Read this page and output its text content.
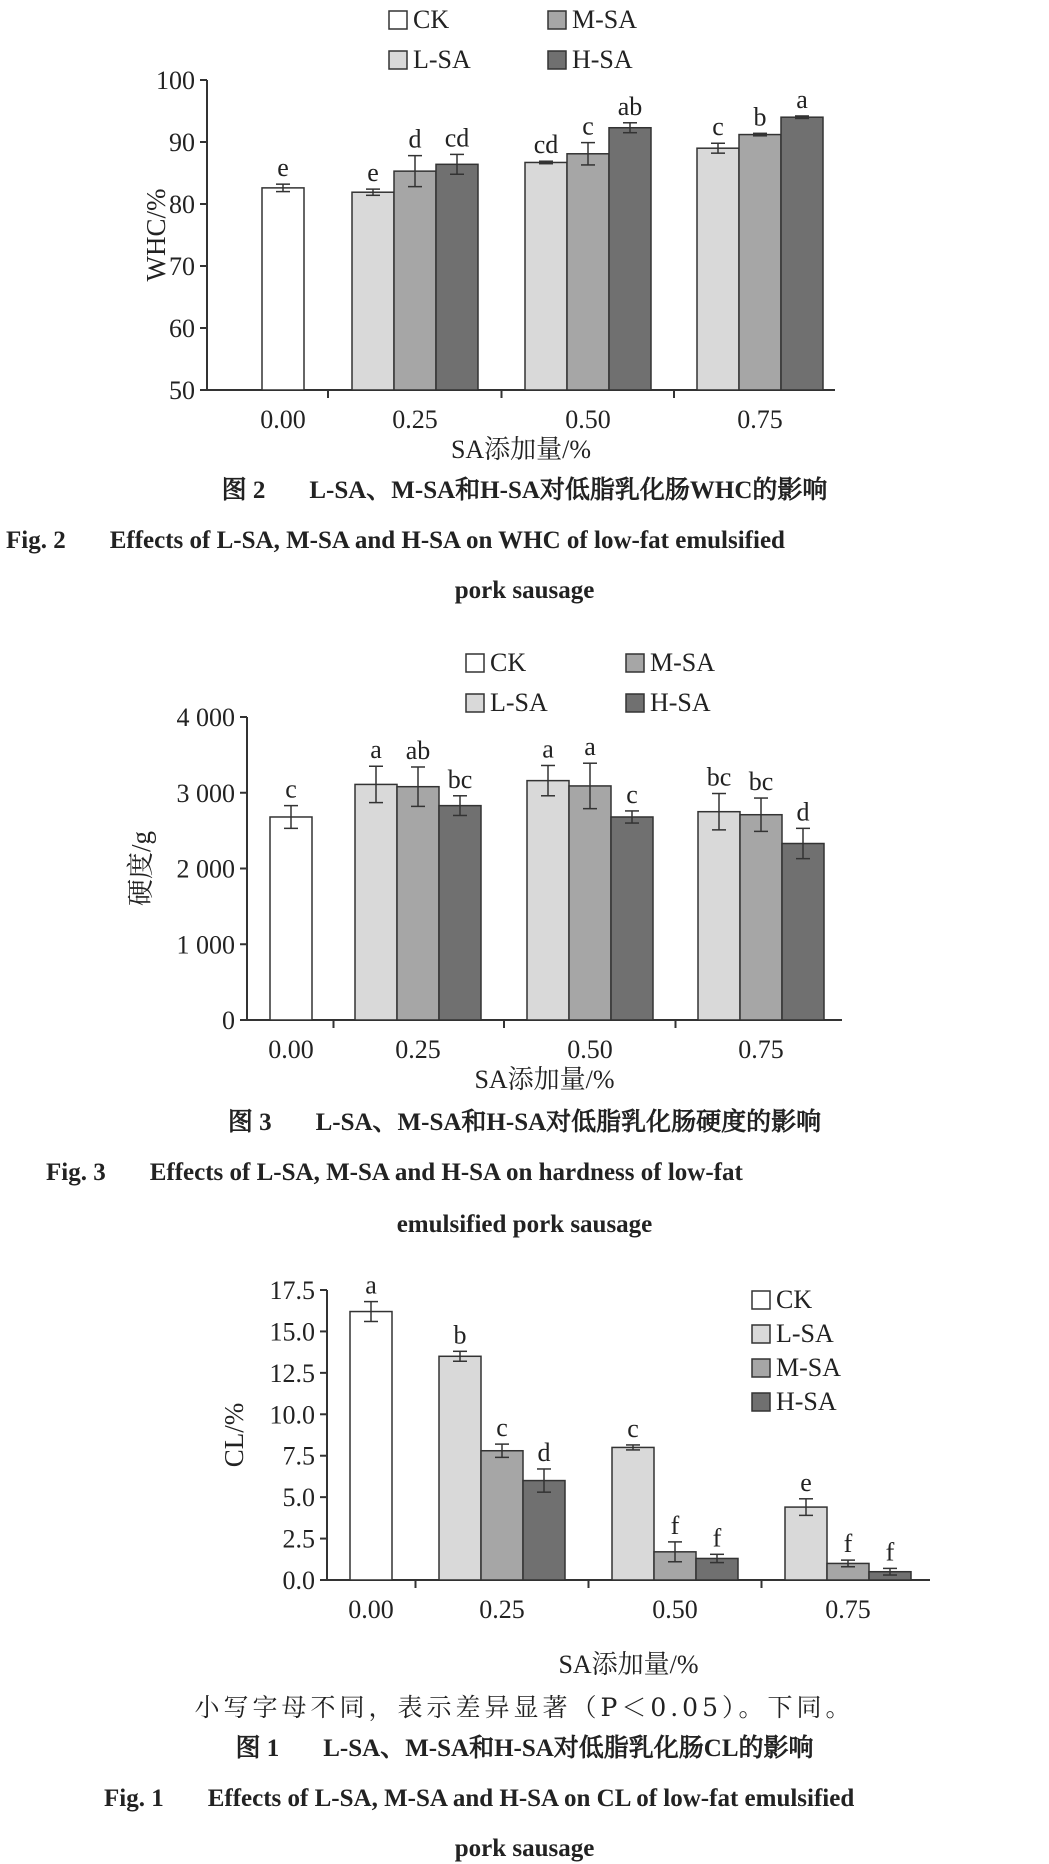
50
60
70
80
90
100
0.00	0.25	0.50	0.75
e	e
cd
c
d	c	b
cd
ab	a
WHC/%
SA添加量/%
CK	M-SA
L-SA	H-SA
图 2 L-SA、M-SA和H-SA对低脂乳化肠WHC的影响
Fig. 2 Effects of L-SA, M-SA and H-SA on WHC of low-fat emulsified
pork sausage
0
1 000
2 000
3 000
4 000
0.00	0.25	0.50	0.75
c
a	a
bc
ab	a
bc
bc
c
d
硬度/g
SA添加量/%
CK	M-SA
L-SA	H-SA
图 3 L-SA、M-SA和H-SA对低脂乳化肠硬度的影响
Fig. 3 Effects of L-SA, M-SA and H-SA on hardness of low-fat
emulsified pork sausage
0.0
2.5
5.0
7.5
10.0
12.5
15.0
17.5
0.00	0.25	0.50	0.75
a
b
c
e
c
f
f
d
f	f
CL/%
SA添加量/%
CK
L-SA
M-SA
H-SA
小写字母不同，表示差异显著（P＜0.05）。下同。
图 1 L-SA、M-SA和H-SA对低脂乳化肠CL的影响
Fig. 1 Effects of L-SA, M-SA and H-SA on CL of low-fat emulsified
pork sausage
